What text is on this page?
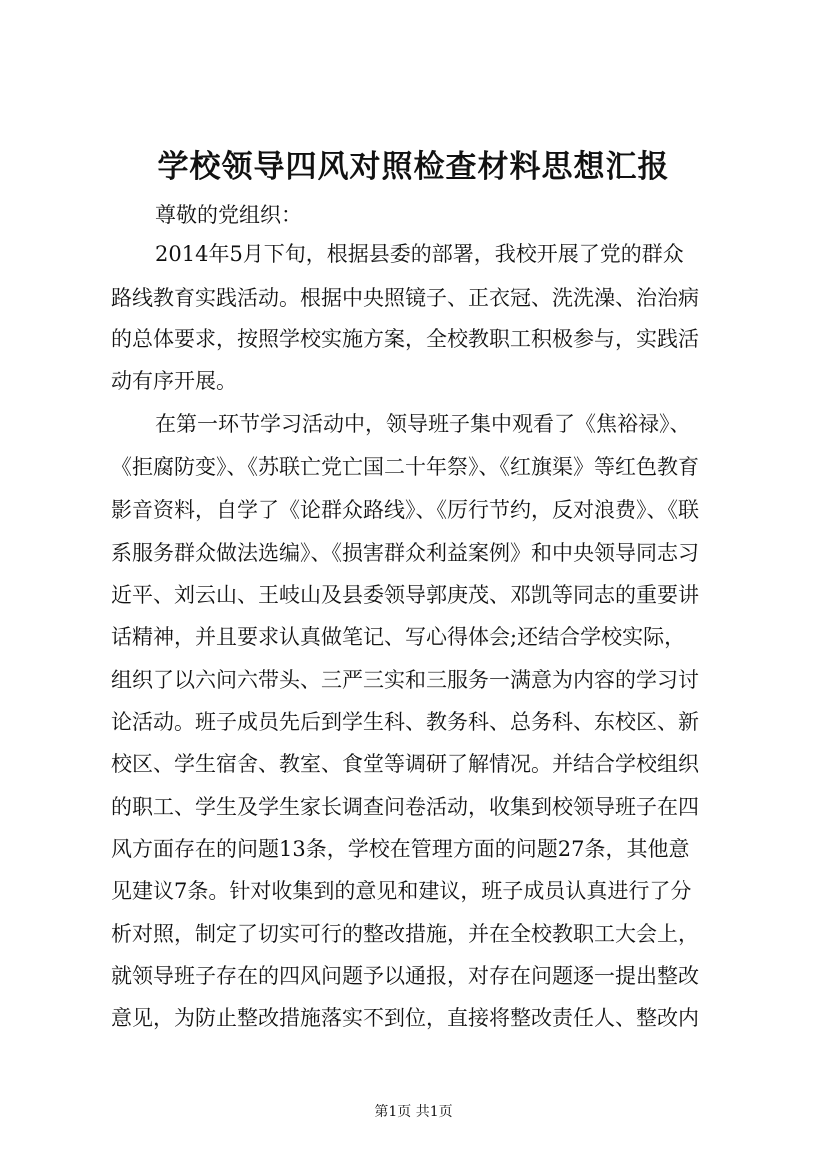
学校领导四风对照检查材料思想汇报

尊敬的党组织：

2014年5月下旬，根据县委的部署，我校开展了党的群众

路线教育实践活动。根据中央照镜子、正衣冠、洗洗澡、治治病

的总体要求，按照学校实施方案，全校教职工积极参与，实践活

动有序开展。

在第一环节学习活动中，领导班子集中观看了《焦裕禄》、

《拒腐防变》、《苏联亡党亡国二十年祭》、《红旗渠》等红色教育

影音资料，自学了《论群众路线》、《厉行节约，反对浪费》、《联

系服务群众做法选编》、《损害群众利益案例》和中央领导同志习

近平、刘云山、王岐山及县委领导郭庚茂、邓凯等同志的重要讲

话精神，并且要求认真做笔记、写心得体会;还结合学校实际，

组织了以六问六带头、三严三实和三服务一满意为内容的学习讨

论活动。班子成员先后到学生科、教务科、总务科、东校区、新

校区、学生宿舍、教室、食堂等调研了解情况。并结合学校组织

的职工、学生及学生家长调查问卷活动，收集到校领导班子在四

风方面存在的问题13条，学校在管理方面的问题27条，其他意

见建议7条。针对收集到的意见和建议，班子成员认真进行了分

析对照，制定了切实可行的整改措施，并在全校教职工大会上，

就领导班子存在的四风问题予以通报，对存在问题逐一提出整改

意见，为防止整改措施落实不到位，直接将整改责任人、整改内

第1页 共1页
